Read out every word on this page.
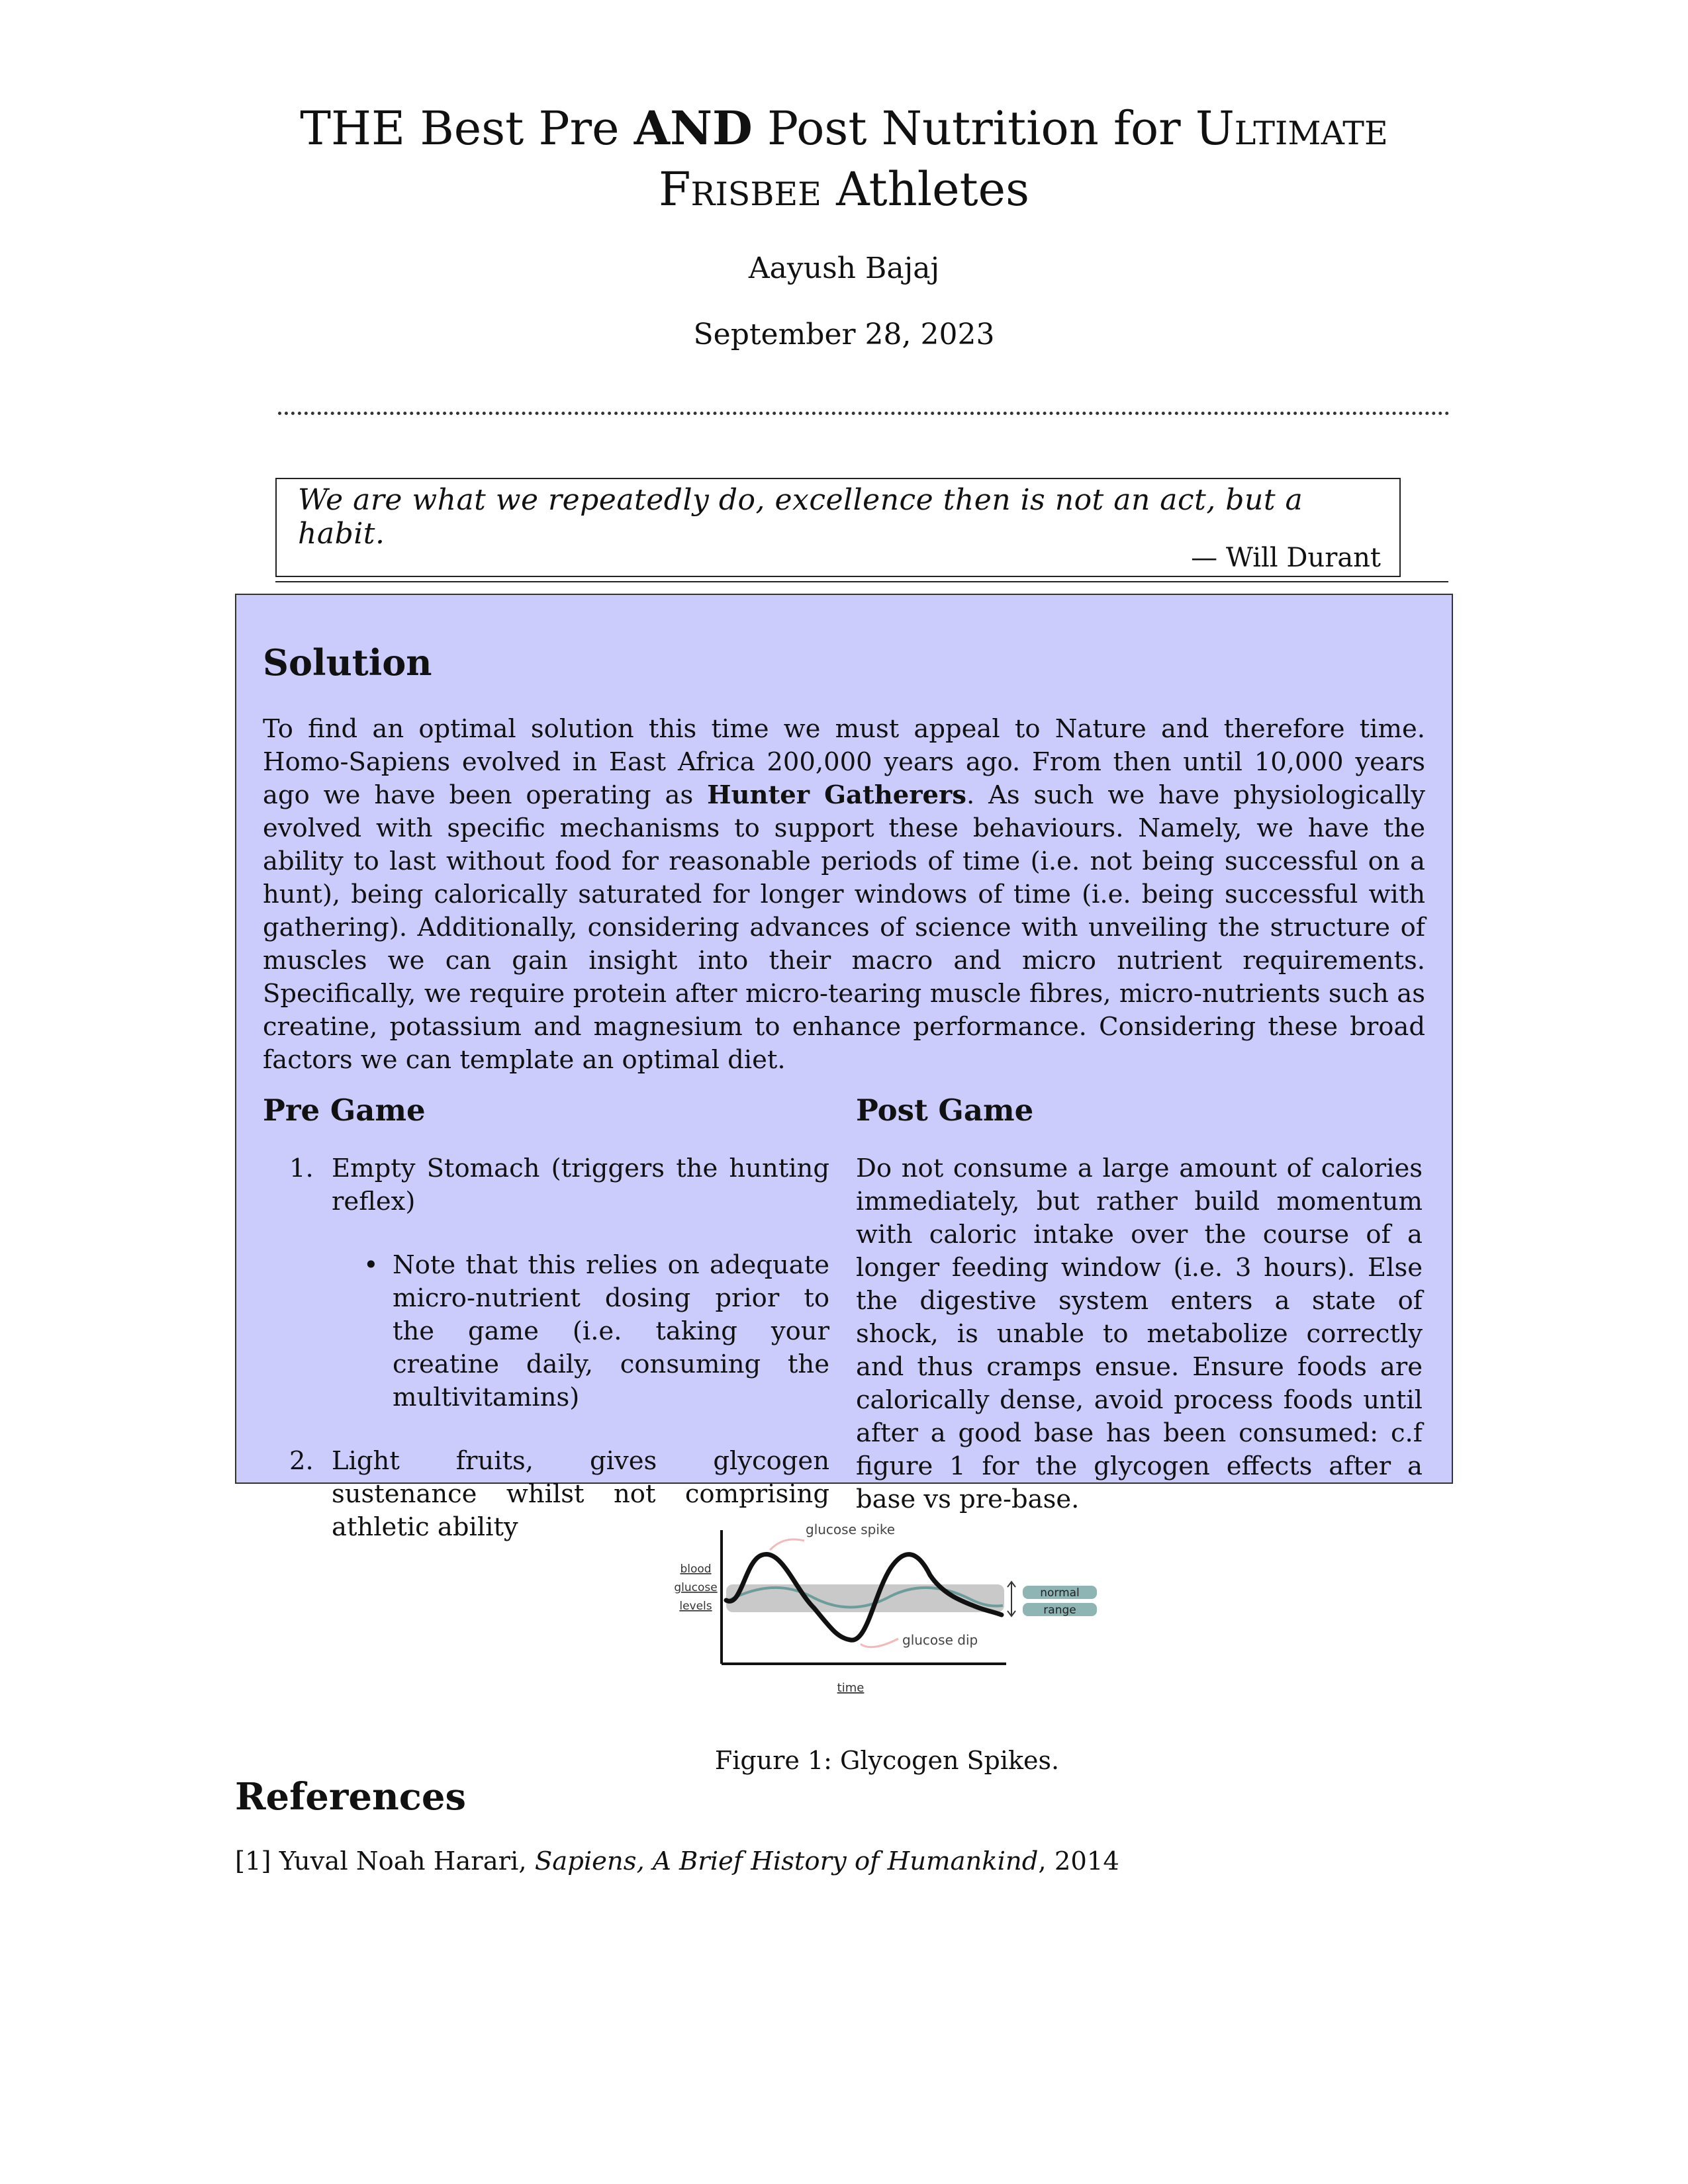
THE Best Pre AND Post Nutrition for Ultimate Frisbee Athletes
Aayush Bajaj
September 28, 2023
We are what we repeatedly do, excellence then is not an act, but a habit.
— Will Durant
Solution
To find an optimal solution this time we must appeal to Nature and therefore time. Homo-Sapiens evolved in East Africa 200,000 years ago. From then until 10,000 years ago we have been operating as Hunter Gatherers. As such we have physiologically evolved with specific mechanisms to support these behaviours. Namely, we have the ability to last without food for reasonable periods of time (i.e. not being successful on a hunt), being calorically saturated for longer windows of time (i.e. being successful with gathering). Additionally, considering advances of science with unveiling the structure of muscles we can gain insight into their macro and micro nutrient requirements. Specifically, we require protein after micro-tearing muscle fibres, micro-nutrients such as creatine, potassium and magnesium to enhance performance. Considering these broad factors we can template an optimal diet.
Pre Game	Post Game
1. Empty Stomach (triggers the hunting reflex)
• Note that this relies on adequate micro-nutrient dosing prior to the game (i.e. taking your creatine daily, consuming the multivitamins)
2. Light fruits, gives glycogen sustenance whilst not comprising athletic ability
Do not consume a large amount of calories immediately, but rather build momentum with caloric intake over the course of a longer feeding window (i.e. 3 hours). Else the digestive system enters a state of shock, is unable to metabolize correctly and thus cramps ensue. Ensure foods are calorically dense, avoid process foods until after a good base has been consumed: c.f figure 1 for the glycogen effects after a base vs pre-base.
glucose spike
glucose dip
blood
glucose
levels
normal
range
time
Figure 1: Glycogen Spikes.
References
[1] Yuval Noah Harari, Sapiens, A Brief History of Humankind, 2014
